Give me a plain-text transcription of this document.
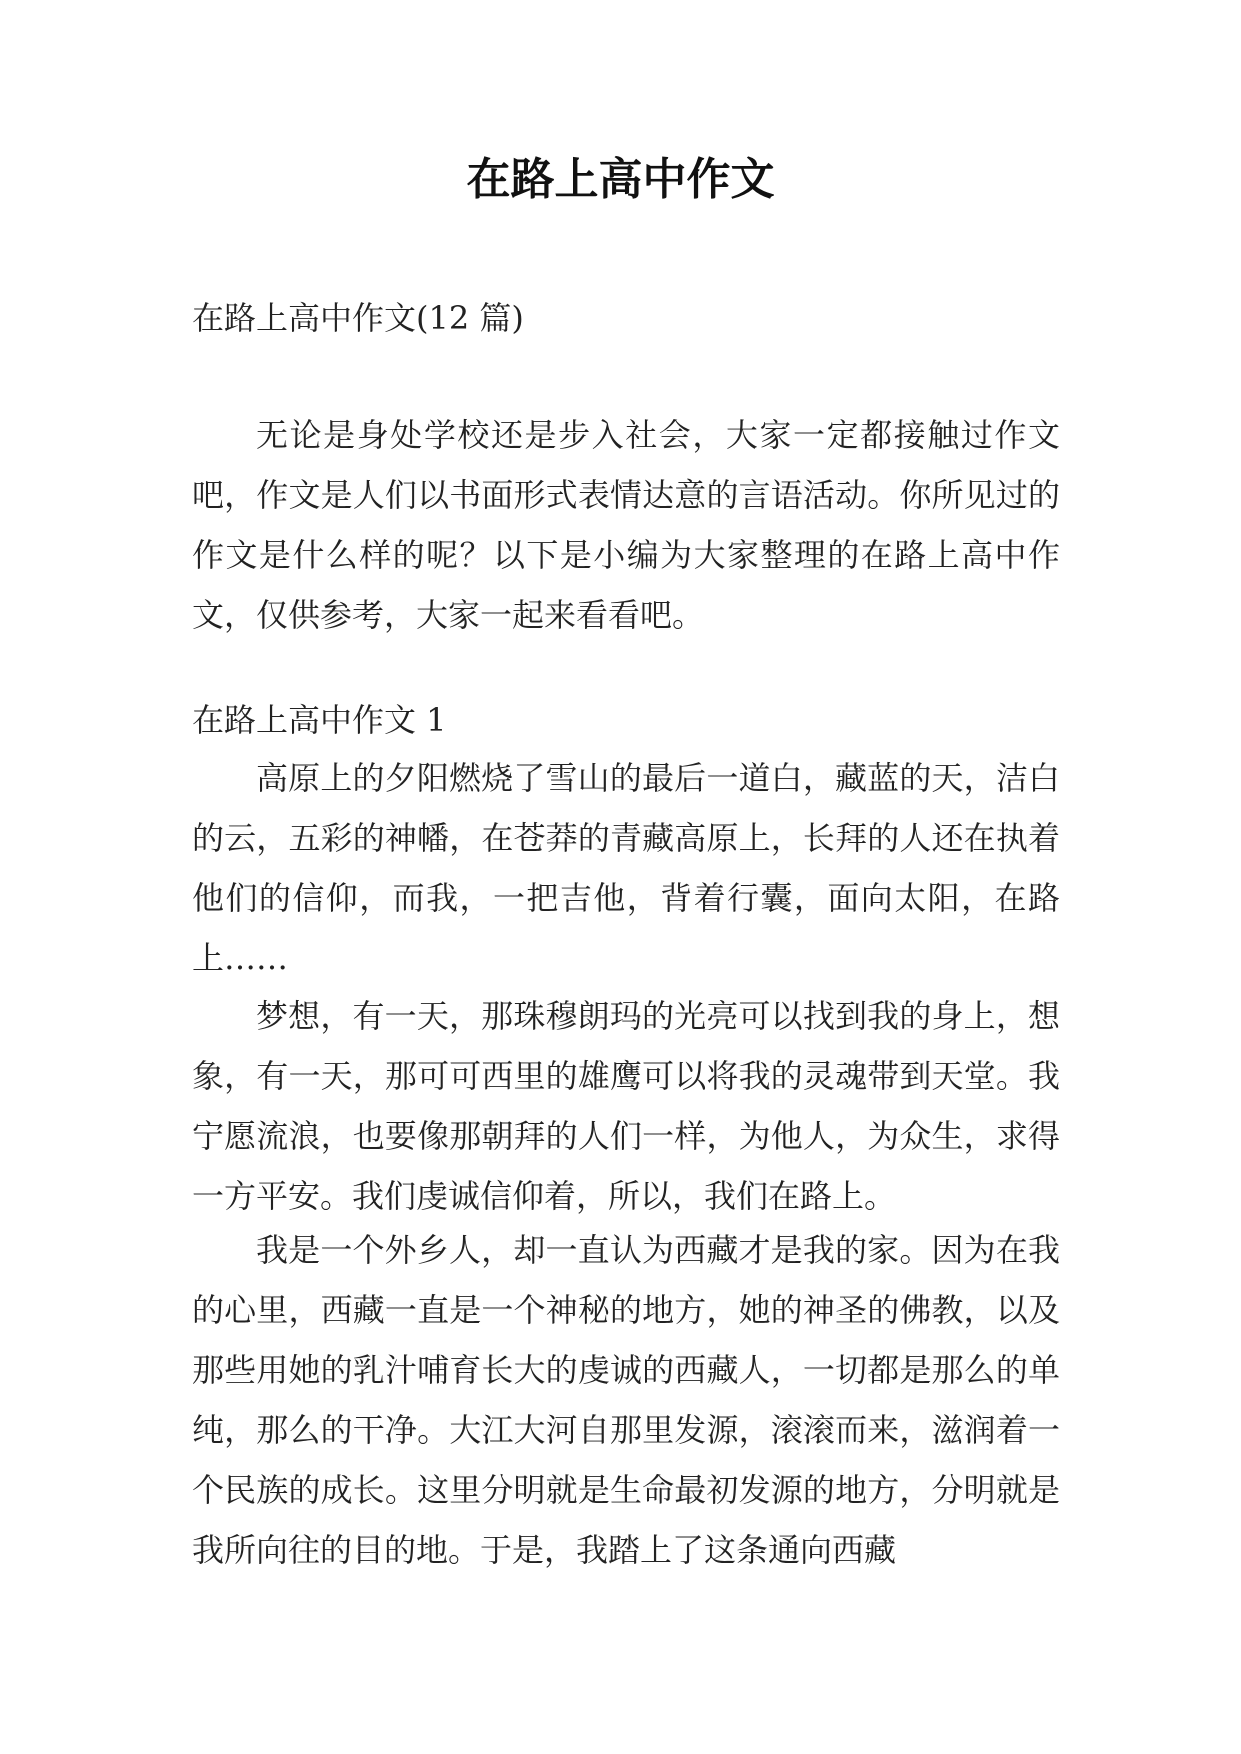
在路上高中作文

在路上高中作文(12 篇)

无论是身处学校还是步入社会，大家一定都接触过作文吧，作文是人们以书面形式表情达意的言语活动。你所见过的作文是什么样的呢？以下是小编为大家整理的在路上高中作文，仅供参考，大家一起来看看吧。

在路上高中作文 1

高原上的夕阳燃烧了雪山的最后一道白，藏蓝的天，洁白的云，五彩的神幡，在苍莽的青藏高原上，长拜的人还在执着他们的信仰，而我，一把吉他，背着行囊，面向太阳，在路上……

梦想，有一天，那珠穆朗玛的光亮可以找到我的身上，想象，有一天，那可可西里的雄鹰可以将我的灵魂带到天堂。我宁愿流浪，也要像那朝拜的人们一样，为他人，为众生，求得一方平安。我们虔诚信仰着，所以，我们在路上。

我是一个外乡人，却一直认为西藏才是我的家。因为在我的心里，西藏一直是一个神秘的地方，她的神圣的佛教，以及那些用她的乳汁哺育长大的虔诚的西藏人，一切都是那么的单纯，那么的干净。大江大河自那里发源，滚滚而来，滋润着一个民族的成长。这里分明就是生命最初发源的地方，分明就是我所向往的目的地。于是，我踏上了这条通向西藏
